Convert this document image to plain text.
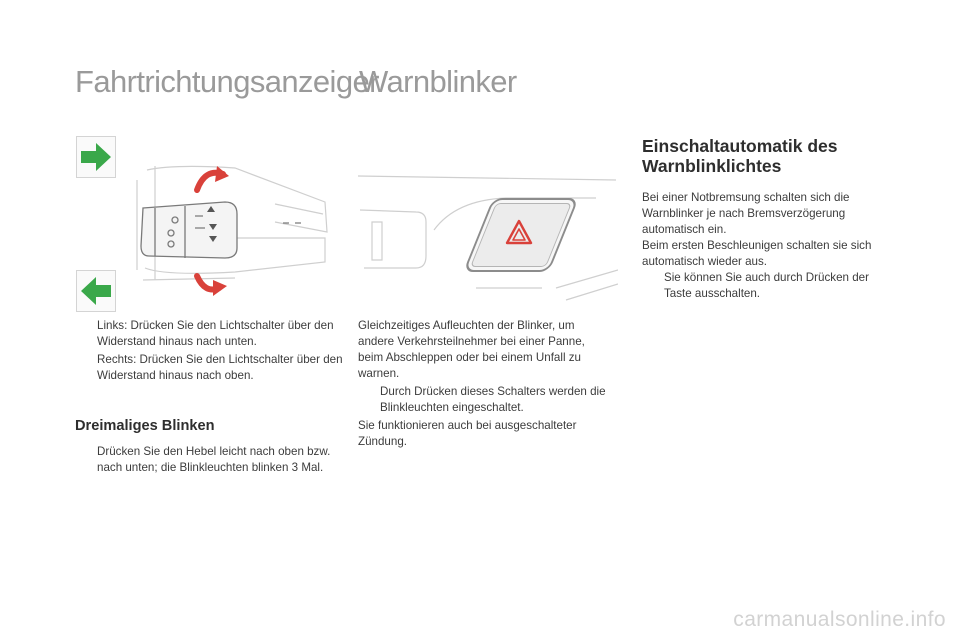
Fahrtrichtungsanzeiger
Warnblinker
Links: Drücken Sie den Lichtschalter über den Widerstand hinaus nach unten.
Rechts: Drücken Sie den Lichtschalter über den Widerstand hinaus nach oben.
Dreimaliges Blinken
Drücken Sie den Hebel leicht nach oben bzw. nach unten; die Blinkleuchten blinken 3 Mal.

Gleichzeitiges Aufleuchten der Blinker, um andere Verkehrsteilnehmer bei einer Panne, beim Abschleppen oder bei einem Unfall zu warnen.

Durch Drücken dieses Schalters werden die Blinkleuchten eingeschaltet.

Sie funktionieren auch bei ausgeschalteter Zündung.

Einschaltautomatik des Warnblinklichtes

Bei einer Notbremsung schalten sich die Warnblinker je nach Bremsverzögerung automatisch ein.

Beim ersten Beschleunigen schalten sie sich automatisch wieder aus.

Sie können Sie auch durch Drücken der Taste ausschalten.
carmanualsonline.info
